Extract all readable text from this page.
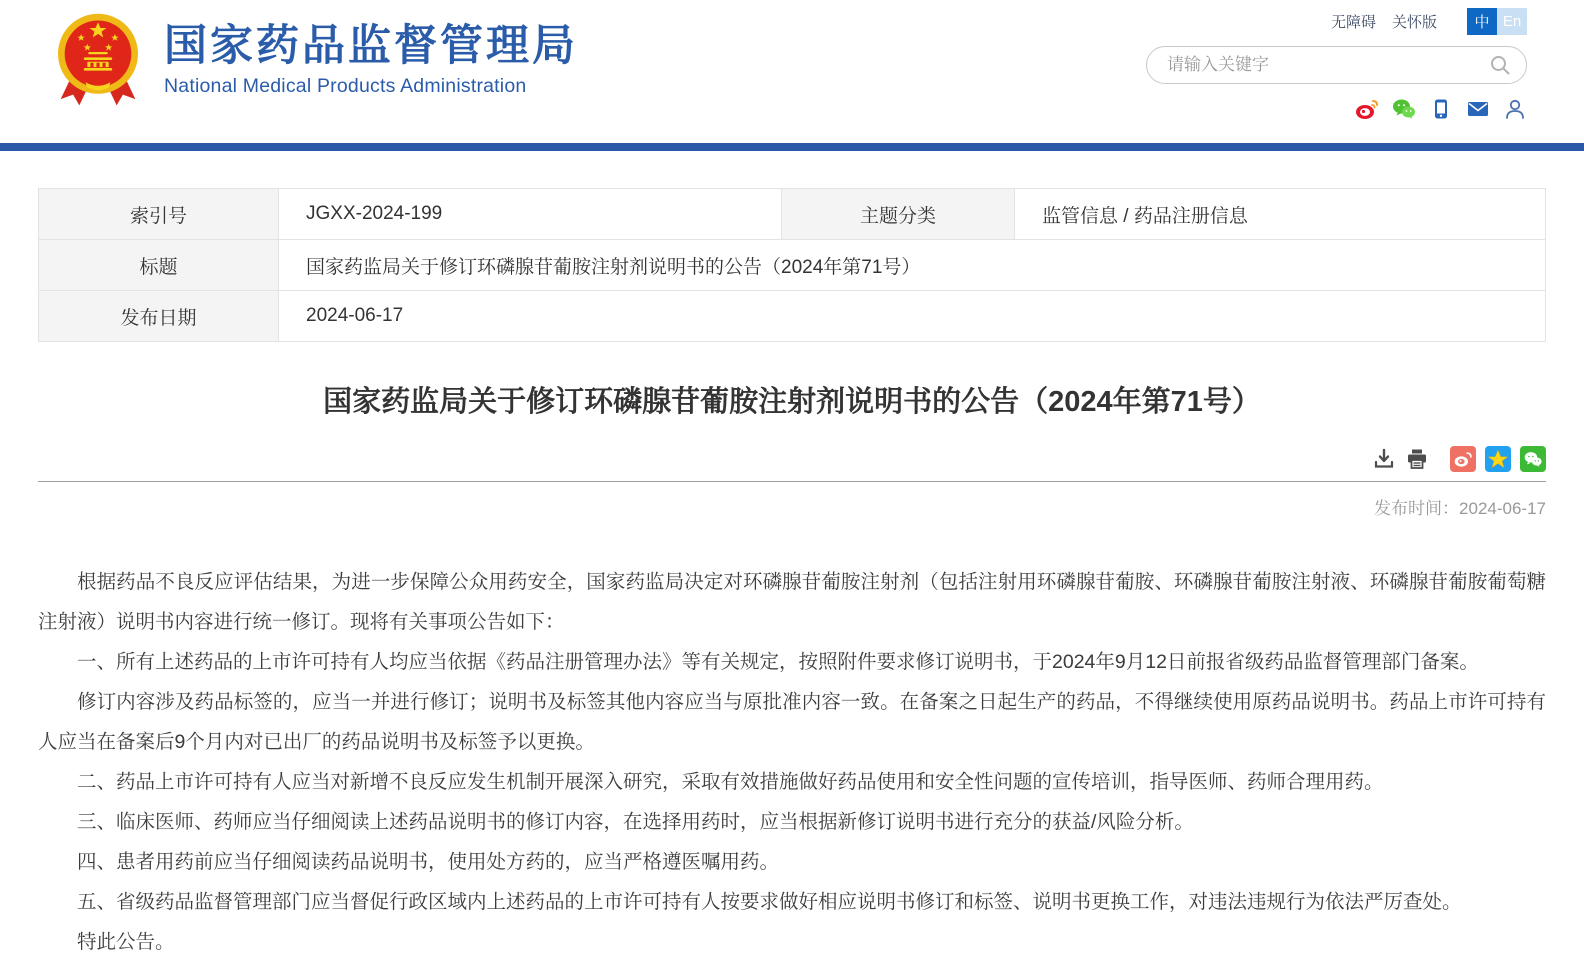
国家药品监督管理局
National Medical Products Administration
无障碍 关怀版	中 En
请输入关键字
索引号	JGXX-2024-199	主题分类	监管信息 / 药品注册信息
标题	国家药监局关于修订环磷腺苷葡胺注射剂说明书的公告（2024年第71号）		
发布日期	2024-06-17		
国家药监局关于修订环磷腺苷葡胺注射剂说明书的公告（2024年第71号）
发布时间：2024-06-17

根据药品不良反应评估结果，为进一步保障公众用药安全，国家药监局决定对环磷腺苷葡胺注射剂（包括注射用环磷腺苷葡胺、环磷腺苷葡胺注射液、环磷腺苷葡胺葡萄糖注射液）说明书内容进行统一修订。现将有关事项公告如下：

一、所有上述药品的上市许可持有人均应当依据《药品注册管理办法》等有关规定，按照附件要求修订说明书，于2024年9月12日前报省级药品监督管理部门备案。

修订内容涉及药品标签的，应当一并进行修订；说明书及标签其他内容应当与原批准内容一致。在备案之日起生产的药品，不得继续使用原药品说明书。药品上市许可持有人应当在备案后9个月内对已出厂的药品说明书及标签予以更换。

二、药品上市许可持有人应当对新增不良反应发生机制开展深入研究，采取有效措施做好药品使用和安全性问题的宣传培训，指导医师、药师合理用药。

三、临床医师、药师应当仔细阅读上述药品说明书的修订内容，在选择用药时，应当根据新修订说明书进行充分的获益/风险分析。

四、患者用药前应当仔细阅读药品说明书，使用处方药的，应当严格遵医嘱用药。

五、省级药品监督管理部门应当督促行政区域内上述药品的上市许可持有人按要求做好相应说明书修订和标签、说明书更换工作，对违法违规行为依法严厉查处。

特此公告。
